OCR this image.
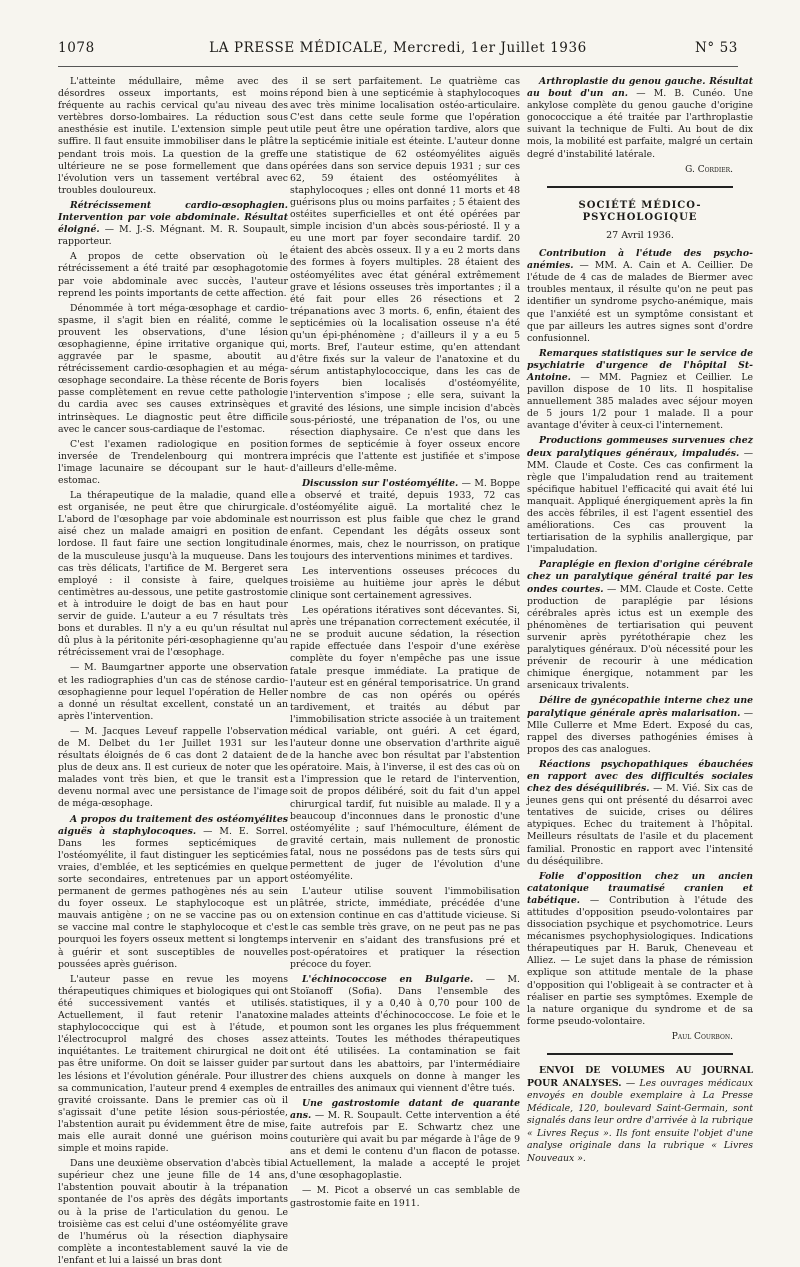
1078	LA PRESSE MÉDICALE, Mercredi, 1er Juillet 1936	N° 53

L'atteinte médullaire, même avec des désordres osseux importants, est moins fréquente au rachis cervical qu'au niveau des vertèbres dorso-lombaires. La réduction sous anesthésie est inutile. L'extension simple peut suffire. Il faut ensuite immobiliser dans le plâtre pendant trois mois. La question de la greffe ultérieure ne se pose formellement que dans l'évolution vers un tassement vertébral avec troubles douloureux.

Rétrécissement cardio-œsophagien. Intervention par voie abdominale. Résultat éloigné. — M. J.-S. Mégnant. M. R. Soupault, rapporteur.

A propos de cette observation où le rétrécissement a été traité par œsophagotomie par voie abdominale avec succès, l'auteur reprend les points importants de cette affection.

Dénommée à tort méga-œsophage et cardio-spasme, il s'agit bien en réalité, comme le prouvent les observations, d'une lésion œsophagienne, épine irritative organique qui, aggravée par le spasme, aboutit au rétrécissement cardio-œsophagien et au méga-œsophage secondaire. La thèse récente de Boris passe complètement en revue cette pathologie du cardia avec ses causes extrinsèques et intrinsèques. Le diagnostic peut être difficile avec le cancer sous-cardiaque de l'estomac.

C'est l'examen radiologique en position inversée de Trendelenbourg qui montrera l'image lacunaire se découpant sur le haut-estomac.

La thérapeutique de la maladie, quand elle est organisée, ne peut être que chirurgicale. L'abord de l'œsophage par voie abdominale est aisé chez un malade amaigri en position de lordose. Il faut faire une section longitudinale de la musculeuse jusqu'à la muqueuse. Dans les cas très délicats, l'artifice de M. Bergeret sera employé : il consiste à faire, quelques centimètres au-dessous, une petite gastrostomie et à introduire le doigt de bas en haut pour servir de guide. L'auteur a eu 7 résultats très bons et durables. Il n'y a eu qu'un résultat nul dû plus à la péritonite péri-œsophagienne qu'au rétrécissement vrai de l'œsophage.

— M. Baumgartner apporte une observation et les radiographies d'un cas de sténose cardio-œsophagienne pour lequel l'opération de Heller a donné un résultat excellent, constaté un an après l'intervention.

— M. Jacques Leveuf rappelle l'observation de M. Delbet du 1er Juillet 1931 sur les résultats éloignés de 6 cas dont 2 dataient de plus de deux ans. Il est curieux de noter que les malades vont très bien, et que le transit est devenu normal avec une persistance de l'image de méga-œsophage.

A propos du traitement des ostéomyélites aiguës à staphylocoques. — M. E. Sorrel. Dans les formes septicémiques de l'ostéomyélite, il faut distinguer les septicémies vraies, d'emblée, et les septicémies en quelque sorte secondaires, entretenues par un apport permanent de germes pathogènes nés au sein du foyer osseux. Le staphylocoque est un mauvais antigène ; on ne se vaccine pas ou on se vaccine mal contre le staphylocoque et c'est pourquoi les foyers osseux mettent si longtemps à guérir et sont susceptibles de nouvelles poussées après guérison.

L'auteur passe en revue les moyens thérapeutiques chimiques et biologiques qui ont été successivement vantés et utilisés. Actuellement, il faut retenir l'anatoxine staphylococcique qui est à l'étude, et l'électrocuprol malgré des choses assez inquiétantes. Le traitement chirurgical ne doit pas être uniforme. On doit se laisser guider par les lésions et l'évolution générale. Pour illustrer sa communication, l'auteur prend 4 exemples de gravité croissante. Dans le premier cas où il s'agissait d'une petite lésion sous-périostée, l'abstention aurait pu évidemment être de mise, mais elle aurait donné une guérison moins simple et moins rapide.

Dans une deuxième observation d'abcès tibial supérieur chez une jeune fille de 14 ans, l'abstention pouvait aboutir à la trépanation spontanée de l'os après des dégâts importants ou à la prise de l'articulation du genou. Le troisième cas est celui d'une ostéomyélite grave de l'humérus où la résection diaphysaire complète a incontestablement sauvé la vie de l'enfant et lui a laissé un bras dont

il se sert parfaitement. Le quatrième cas répond bien à une septicémie à staphylocoques avec très minime localisation ostéo-articulaire. C'est dans cette seule forme que l'opération utile peut être une opération tardive, alors que la septicémie initiale est éteinte. L'auteur donne une statistique de 62 ostéomyélites aiguës opérées dans son service depuis 1931 ; sur ces 62, 59 étaient des ostéomyélites à staphylocoques ; elles ont donné 11 morts et 48 guérisons plus ou moins parfaites ; 5 étaient des ostéites superficielles et ont été opérées par simple incision d'un abcès sous-périosté. Il y a eu une mort par foyer secondaire tardif. 20 étaient des abcès osseux. Il y a eu 2 morts dans des formes à foyers multiples. 28 étaient des ostéomyélites avec état général extrêmement grave et lésions osseuses très importantes ; il a été fait pour elles 26 résections et 2 trépanations avec 3 morts. 6, enfin, étaient des septicémies où la localisation osseuse n'a été qu'un épi-phénomène ; d'ailleurs il y a eu 5 morts. Bref, l'auteur estime, qu'en attendant d'être fixés sur la valeur de l'anatoxine et du sérum antistaphylococcique, dans les cas de foyers bien localisés d'ostéomyélite, l'intervention s'impose ; elle sera, suivant la gravité des lésions, une simple incision d'abcès sous-périosté, une trépanation de l'os, ou une résection diaphysaire. Ce n'est que dans les formes de septicémie à foyer osseux encore imprécis que l'attente est justifiée et s'impose d'ailleurs d'elle-même.

Discussion sur l'ostéomyélite. — M. Boppe a observé et traité, depuis 1933, 72 cas d'ostéomyélite aiguë. La mortalité chez le nourrisson est plus faible que chez le grand enfant. Cependant les dégâts osseux sont énormes, mais, chez le nourrisson, on pratique toujours des interventions minimes et tardives.

Les interventions osseuses précoces du troisième au huitième jour après le début clinique sont certainement agressives.

Les opérations itératives sont décevantes. Si, après une trépanation correctement exécutée, il ne se produit aucune sédation, la résection rapide effectuée dans l'espoir d'une exérèse complète du foyer n'empêche pas une issue fatale presque immédiate. La pratique de l'auteur est en général temporisatrice. Un grand nombre de cas non opérés ou opérés tardivement, et traités au début par l'immobilisation stricte associée à un traitement médical variable, ont guéri. A cet égard, l'auteur donne une observation d'arthrite aiguë de la hanche avec bon résultat par l'abstention opératoire. Mais, à l'inverse, il est des cas où on a l'impression que le retard de l'intervention, soit de propos délibéré, soit du fait d'un appel chirurgical tardif, fut nuisible au malade. Il y a beaucoup d'inconnues dans le pronostic d'une ostéomyélite ; sauf l'hémoculture, élément de gravité certain, mais nullement de pronostic fatal, nous ne possédons pas de tests sûrs qui permettent de juger de l'évolution d'une ostéomyélite.

L'auteur utilise souvent l'immobilisation plâtrée, stricte, immédiate, précédée d'une extension continue en cas d'attitude vicieuse. Si le cas semble très grave, on ne peut pas ne pas intervenir en s'aidant des transfusions pré et post-opératoires et pratiquer la résection précoce du foyer.

L'échinococcose en Bulgarie. — M. Stoïanoff (Sofia). Dans l'ensemble des statistiques, il y a 0,40 à 0,70 pour 100 de malades atteints d'échinococcose. Le foie et le poumon sont les organes les plus fréquemment atteints. Toutes les méthodes thérapeutiques ont été utilisées. La contamination se fait surtout dans les abattoirs, par l'intermédiaire des chiens auxquels on donne à manger les entrailles des animaux qui viennent d'être tués.

Une gastrostomie datant de quarante ans. — M. R. Soupault. Cette intervention a été faite autrefois par E. Schwartz chez une couturière qui avait bu par mégarde à l'âge de 9 ans et demi le contenu d'un flacon de potasse. Actuellement, la malade a accepté le projet d'une œsophagoplastie.

— M. Picot a observé un cas semblable de gastrostomie faite en 1911.

Arthroplastie du genou gauche. Résultat au bout d'un an. — M. B. Cunéo. Une ankylose complète du genou gauche d'origine gonococcique a été traitée par l'arthroplastie suivant la technique de Fulti. Au bout de dix mois, la mobilité est parfaite, malgré un certain degré d'instabilité latérale.

G. Cordier.
SOCIÉTÉ MÉDICO-PSYCHOLOGIQUE
27 Avril 1936.

Contribution à l'étude des psycho-anémies. — MM. A. Cain et A. Ceillier. De l'étude de 4 cas de malades de Biermer avec troubles mentaux, il résulte qu'on ne peut pas identifier un syndrome psycho-anémique, mais que l'anxiété est un symptôme consistant et que par ailleurs les autres signes sont d'ordre confusionnel.

Remarques statistiques sur le service de psychiatrie d'urgence de l'hôpital St-Antoine. — MM. Pagniez et Ceillier. Le pavillon dispose de 10 lits. Il hospitalise annuellement 385 malades avec séjour moyen de 5 jours 1/2 pour 1 malade. Il a pour avantage d'éviter à ceux-ci l'internement.

Productions gommeuses survenues chez deux paralytiques généraux, impaludés. — MM. Claude et Coste. Ces cas confirment la règle que l'impaludation rend au traitement spécifique habituel l'efficacité qui avait été lui manquait. Appliqué énergiquement après la fin des accès fébriles, il est l'agent essentiel des améliorations. Ces cas prouvent la tertiarisation de la syphilis anallergique, par l'impaludation.

Paraplégie en flexion d'origine cérébrale chez un paralytique général traité par les ondes courtes. — MM. Claude et Coste. Cette production de paraplégie par lésions cérébrales après ictus est un exemple des phénomènes de tertiarisation qui peuvent survenir après pyrétothérapie chez les paralytiques généraux. D'où nécessité pour les prévenir de recourir à une médication chimique énergique, notamment par les arsenicaux trivalents.

Délire de gynécopathie interne chez une paralytique générale après malarisation. — Mlle Cullerre et Mme Edert. Exposé du cas, rappel des diverses pathogénies émises à propos des cas analogues.

Réactions psychopathiques ébauchées en rapport avec des difficultés sociales chez des déséquilibrés. — M. Vié. Six cas de jeunes gens qui ont présenté du désarroi avec tentatives de suicide, crises ou délires atypiques. Echec du traitement à l'hôpital. Meilleurs résultats de l'asile et du placement familial. Pronostic en rapport avec l'intensité du déséquilibre.

Folie d'opposition chez un ancien catatonique traumatisé cranien et tabétique. — Contribution à l'étude des attitudes d'opposition pseudo-volontaires par dissociation psychique et psychomotrice. Leurs mécanismes psychophysiologiques. Indications thérapeutiques par H. Baruk, Cheneveau et Alliez. — Le sujet dans la phase de rémission explique son attitude mentale de la phase d'opposition qui l'obligeait à se contracter et à réaliser en partie ses symptômes. Exemple de la nature organique du syndrome et de sa forme pseudo-volontaire.

Paul Courbon.

ENVOI DE VOLUMES AU JOURNAL POUR ANALYSES. — Les ouvrages médicaux envoyés en double exemplaire à La Presse Médicale, 120, boulevard Saint-Germain, sont signalés dans leur ordre d'arrivée à la rubrique « Livres Reçus ». Ils font ensuite l'objet d'une analyse originale dans la rubrique « Livres Nouveaux ».
